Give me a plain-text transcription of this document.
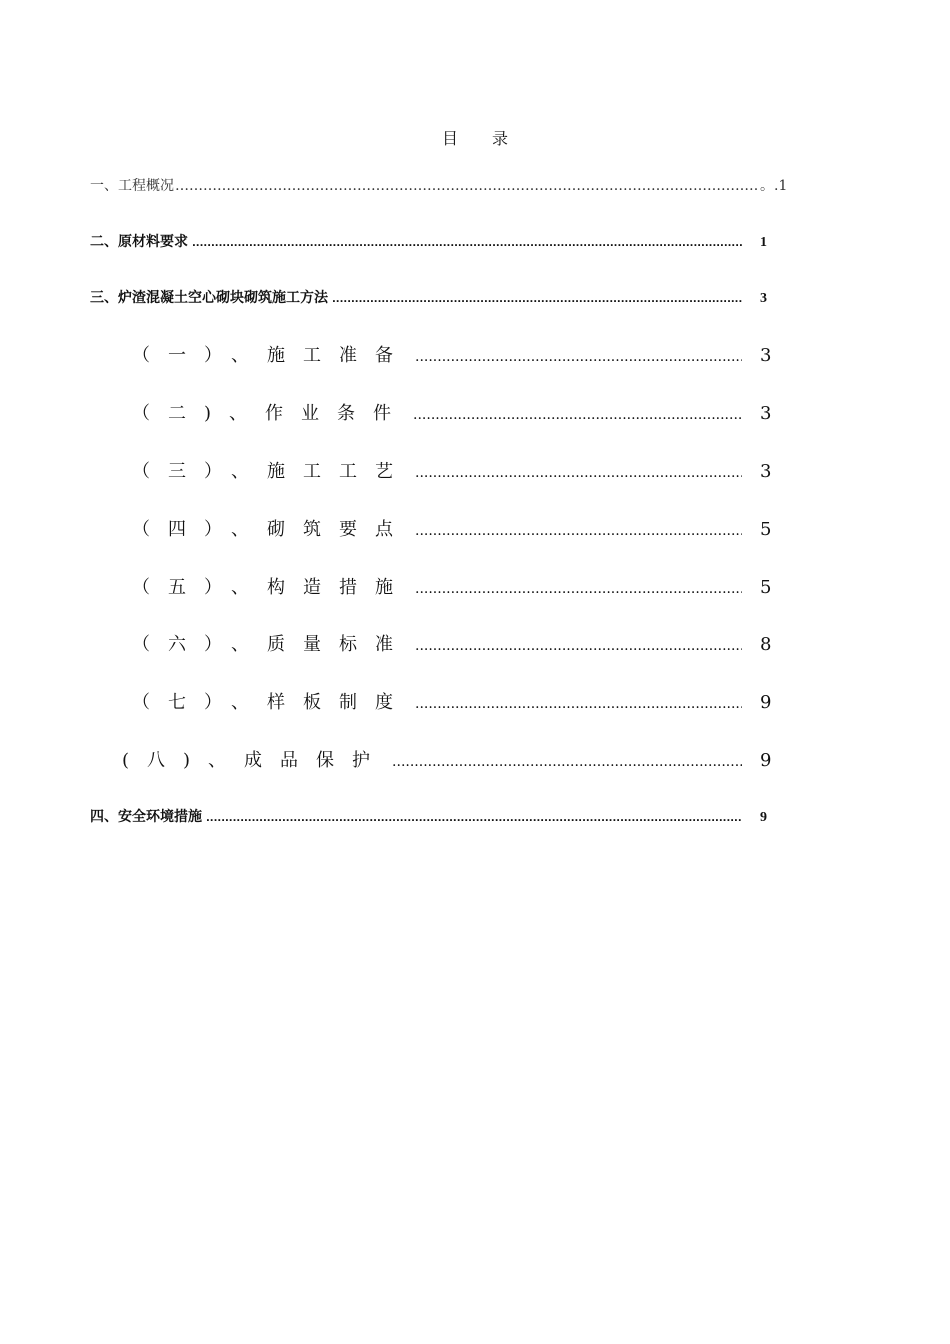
目录
一、工程概况 …………………………………………………………………………………………………………………………………………………………	。.1
二、原材料要求 .....	1
三、炉渣混凝土空心砌块砌筑施工方法 .....	3
（一）、施工准备 .....	3
（二)、作业条件 .....	3
（三）、施工工艺 .....	3
（四）、砌筑要点 .....	5
（五）、构造措施 .....	5
（六）、质量标准 .....	8
（七）、样板制度 .....	9
(八)、成品保护 .....	9
四、安全环境措施 .....	9
